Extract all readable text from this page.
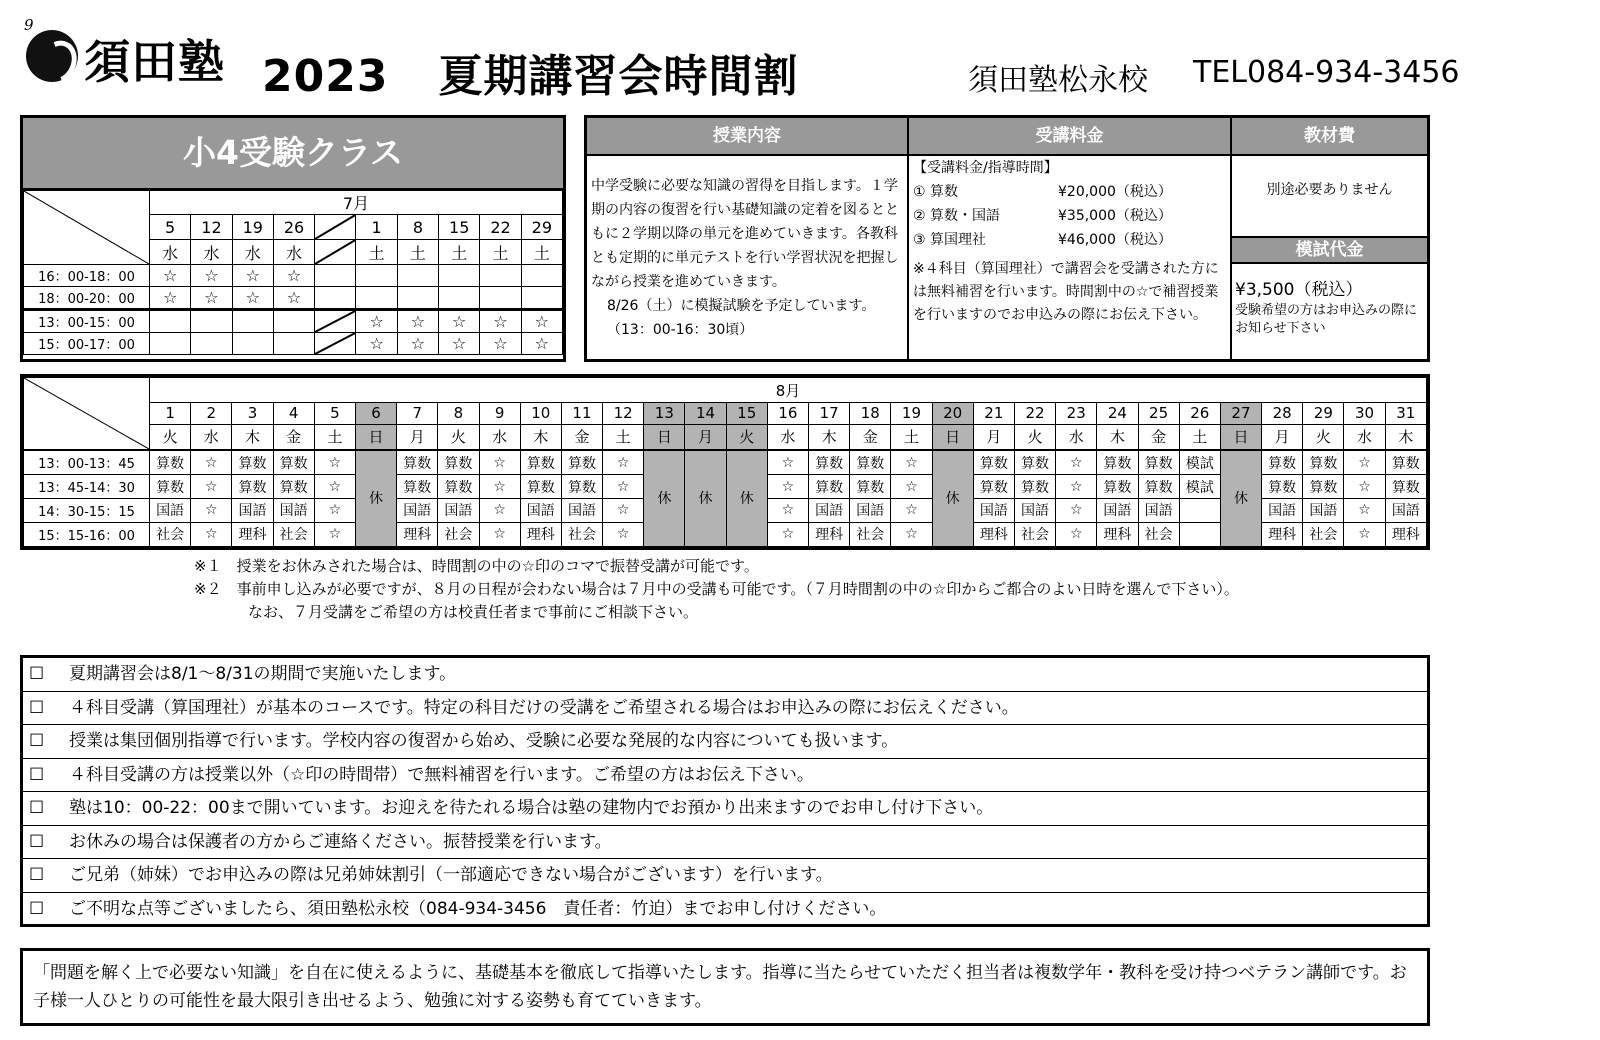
9
須田塾 2023 夏期講習会時間割	須田塾松永校 TEL084-934-3456
小4受験クラス
	7月									
	5	12	19	26		1	8	15	22	29
	水	水	水	水		土	土	土	土	土
16：00-18：00	☆	☆	☆	☆						
18：00-20：00	☆	☆	☆	☆						
13：00-15：00						☆	☆	☆	☆	☆
15：00-17：00						☆	☆	☆	☆	☆
授業内容	受講料金	教材費
中学受験に必要な知識の習得を目指します。１学期の内容の復習を行い基礎知識の定着を図るとともに２学期以降の単元を進めていきます。各教科とも定期的に単元テストを行い学習状況を把握しながら授業を進めていきます。
8/26（土）に模擬試験を予定しています。（13：00-16：30頃）
【受講料金/指導時間】
① 算数	¥20,000（税込）
② 算数・国語	¥35,000（税込）
③ 算国理社	¥46,000（税込）
※４科目（算国理社）で講習会を受講された方には無料補習を行います。時間割中の☆で補習授業を行いますのでお申込みの際にお伝え下さい。
別途必要ありません
模試代金
¥3,500（税込）
受験希望の方はお申込みの際にお知らせ下さい
	8月																														
	1	2	3	4	5	6	7	8	9	10	11	12	13	14	15	16	17	18	19	20	21	22	23	24	25	26	27	28	29	30	31
	火	水	木	金	土	日	月	火	水	木	金	土	日	月	火	水	木	金	土	日	月	火	水	木	金	土	日	月	火	水	木
13：00-13：45	算数	☆	算数	算数	☆	休	算数	算数	☆	算数	算数	☆	休	休	休	☆	算数	算数	☆	休	算数	算数	☆	算数	算数	模試	休	算数	算数	☆	算数
13：45-14：30	算数	☆	算数	算数	☆		算数	算数	☆	算数	算数	☆				☆	算数	算数	☆		算数	算数	☆	算数	算数	模試		算数	算数	☆	算数
14：30-15：15	国語	☆	国語	国語	☆		国語	国語	☆	国語	国語	☆				☆	国語	国語	☆		国語	国語	☆	国語	国語			国語	国語	☆	国語
15：15-16：00	社会	☆	理科	社会	☆		理科	社会	☆	理科	社会	☆				☆	理科	社会	☆		理科	社会	☆	理科	社会			理科	社会	☆	理科
※１　授業をお休みされた場合は、時間割の中の☆印のコマで振替受講が可能です。
※２　事前申し込みが必要ですが、８月の日程が会わない場合は７月中の受講も可能です。（７月時間割の中の☆印からご都合のよい日時を選んで下さい）。
なお、７月受講をご希望の方は校責任者まで事前にご相談下さい。
☐ 夏期講習会は8/1～8/31の期間で実施いたします。
☐ ４科目受講（算国理社）が基本のコースです。特定の科目だけの受講をご希望される場合はお申込みの際にお伝えください。
☐ 授業は集団個別指導で行います。学校内容の復習から始め、受験に必要な発展的な内容についても扱います。
☐ ４科目受講の方は授業以外（☆印の時間帯）で無料補習を行います。ご希望の方はお伝え下さい。
☐ 塾は10：00-22：00まで開いています。お迎えを待たれる場合は塾の建物内でお預かり出来ますのでお申し付け下さい。
☐ お休みの場合は保護者の方からご連絡ください。振替授業を行います。
☐ ご兄弟（姉妹）でお申込みの際は兄弟姉妹割引（一部適応できない場合がございます）を行います。
☐ ご不明な点等ございましたら、須田塾松永校（084-934-3456　責任者：竹迫）までお申し付けください。
「問題を解く上で必要ない知識」を自在に使えるように、基礎基本を徹底して指導いたします。指導に当たらせていただく担当者は複数学年・教科を受け持つベテラン講師です。お子様一人ひとりの可能性を最大限引き出せるよう、勉強に対する姿勢も育てていきます。
